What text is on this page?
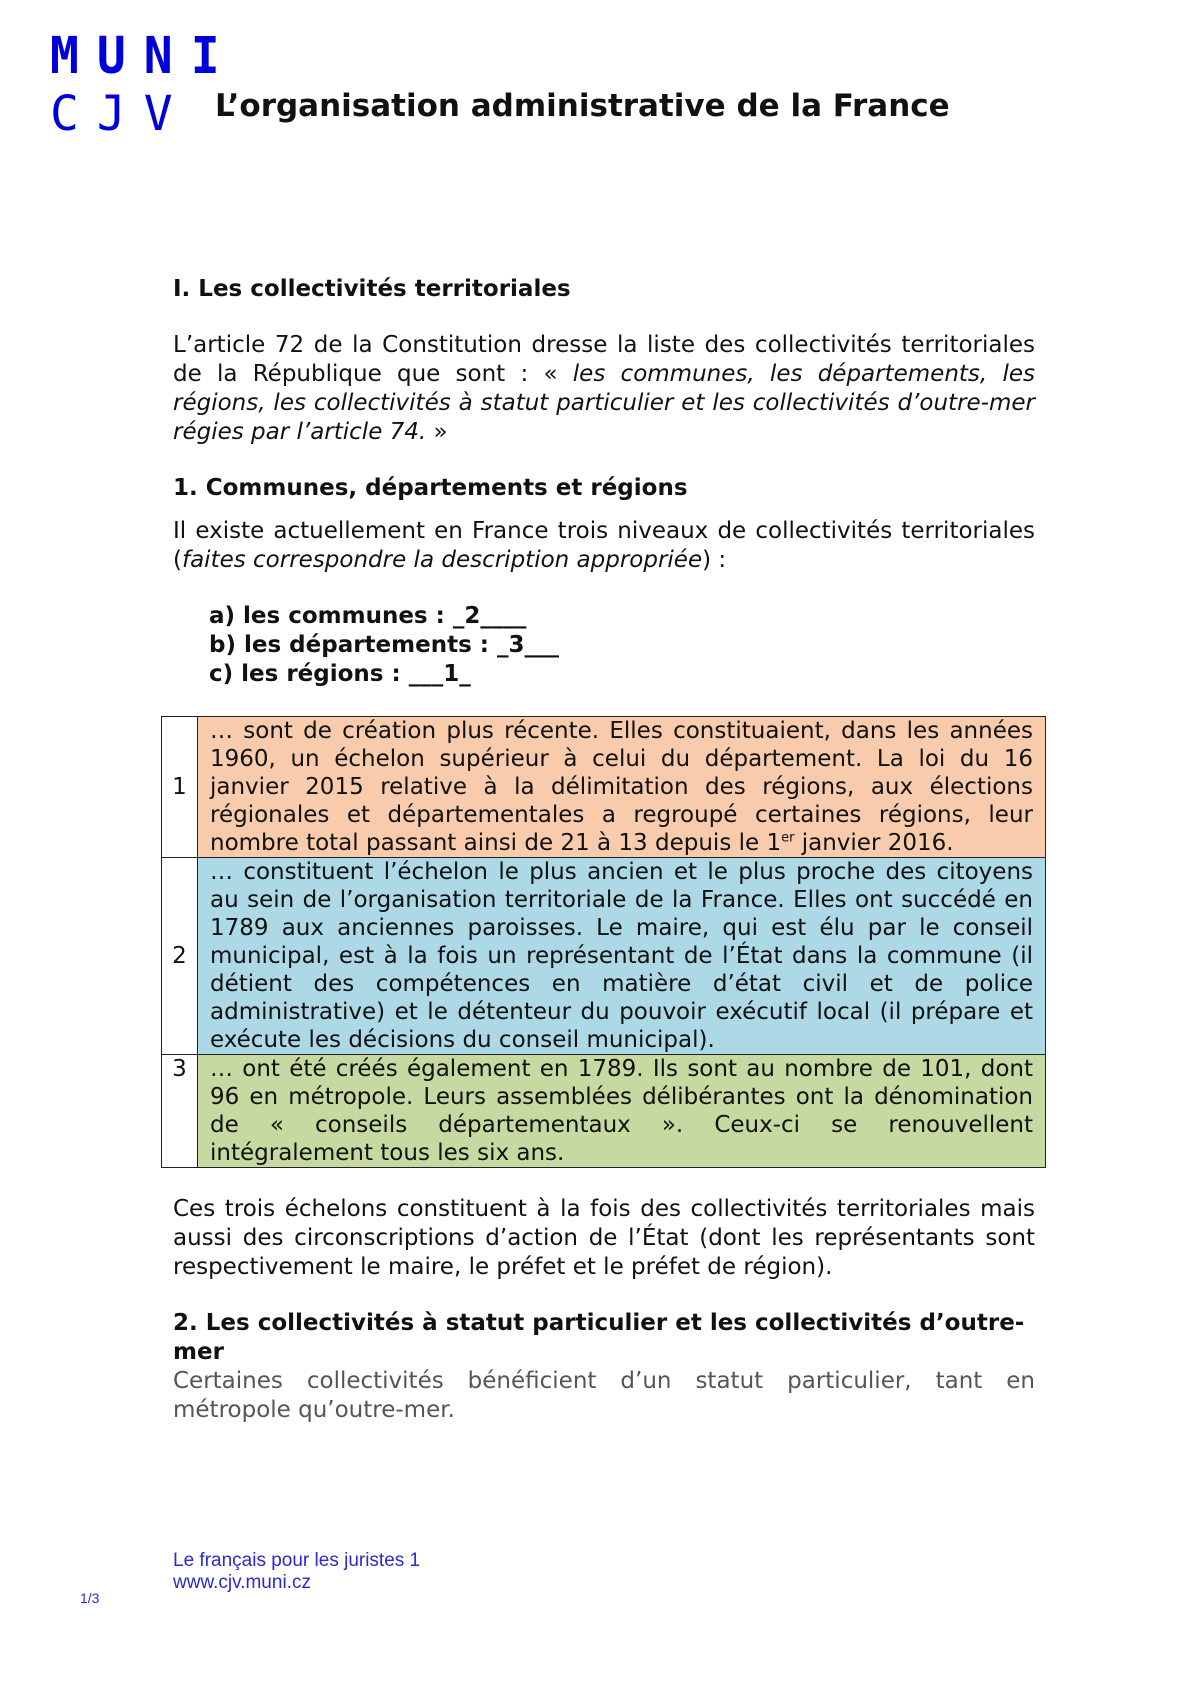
MUNI
CJV L’organisation administrative de la France
I. Les collectivités territoriales

L’article 72 de la Constitution dresse la liste des collectivités territoriales de la République que sont : « les communes, les départements, les régions, les collectivités à statut particulier et les collectivités d’outre-mer régies par l’article 74. »

1. Communes, départements et régions

Il existe actuellement en France trois niveaux de collectivités territoriales (faites correspondre la description appropriée) :

a) les communes : _2____
b) les départements : _3___
c) les régions : ___1_
1	… sont de création plus récente. Elles constituaient, dans les années 1960, un échelon supérieur à celui du département. La loi du 16 janvier 2015 relative à la délimitation des régions, aux élections régionales et départementales a regroupé certaines régions, leur nombre total passant ainsi de 21 à 13 depuis le 1er janvier 2016.
2	… constituent l’échelon le plus ancien et le plus proche des citoyens au sein de l’organisation territoriale de la France. Elles ont succédé en 1789 aux anciennes paroisses. Le maire, qui est élu par le conseil municipal, est à la fois un représentant de l’État dans la commune (il détient des compétences en matière d’état civil et de police administrative) et le détenteur du pouvoir exécutif local (il prépare et exécute les décisions du conseil municipal).
3	… ont été créés également en 1789. Ils sont au nombre de 101, dont 96 en métropole. Leurs assemblées délibérantes ont la dénomination de « conseils départementaux ». Ceux-ci se renouvellent intégralement tous les six ans.

Ces trois échelons constituent à la fois des collectivités territoriales mais aussi des circonscriptions d’action de l’État (dont les représentants sont respectivement le maire, le préfet et le préfet de région).

2. Les collectivités à statut particulier et les collectivités d’outre-mer

Certaines collectivités bénéficient d’un statut particulier, tant en métropole qu’outre-mer.

Le français pour les juristes 1
www.cjv.muni.cz
1/3
